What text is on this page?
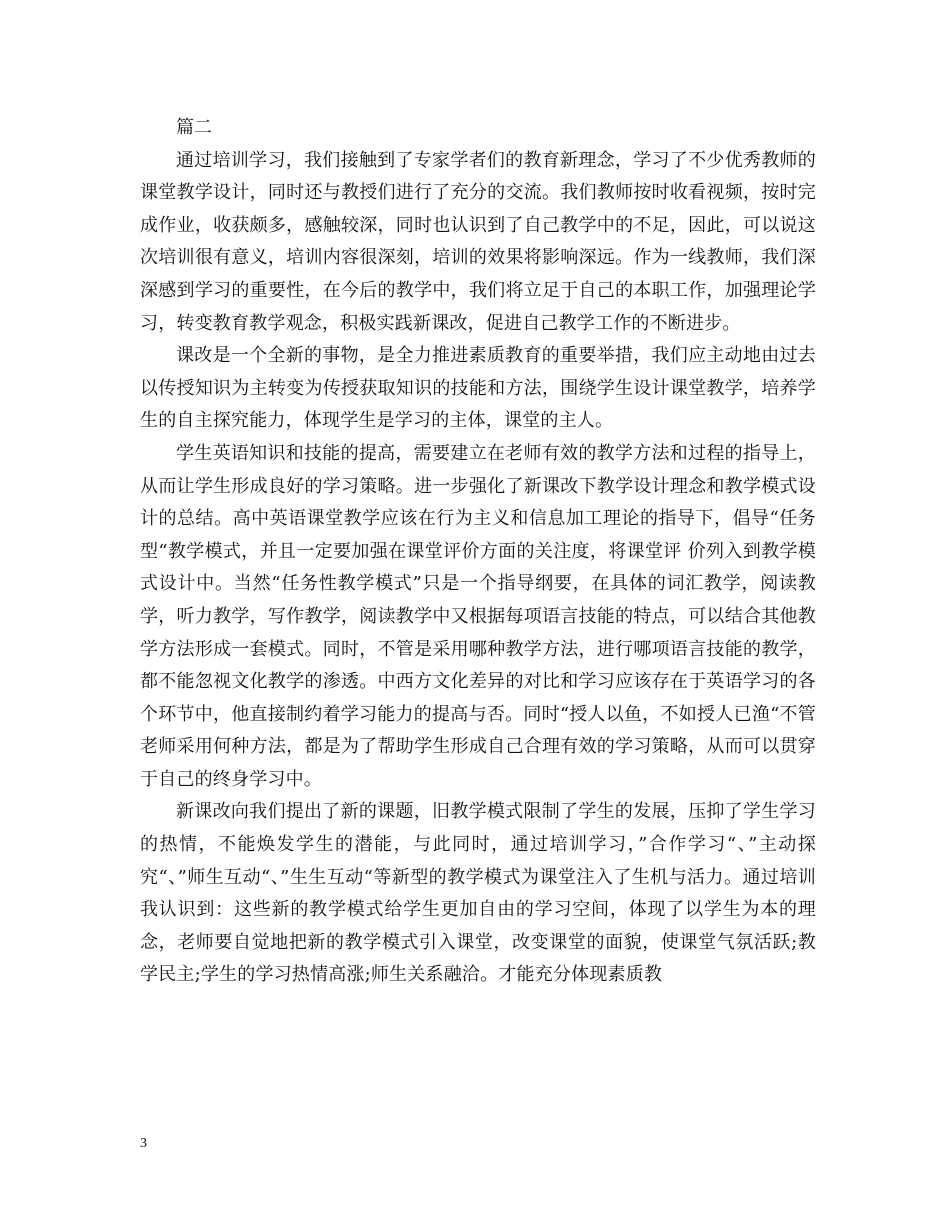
篇二

通过培训学习，我们接触到了专家学者们的教育新理念，学习了不少优秀教师的课堂教学设计，同时还与教授们进行了充分的交流。我们教师按时收看视频，按时完成作业，收获颇多，感触较深，同时也认识到了自己教学中的不足，因此，可以说这次培训很有意义，培训内容很深刻，培训的效果将影响深远。作为一线教师，我们深深感到学习的重要性，在今后的教学中，我们将立足于自己的本职工作，加强理论学习，转变教育教学观念，积极实践新课改，促进自己教学工作的不断进步。

课改是一个全新的事物，是全力推进素质教育的重要举措，我们应主动地由过去以传授知识为主转变为传授获取知识的技能和方法，围绕学生设计课堂教学，培养学生的自主探究能力，体现学生是学习的主体，课堂的主人。

学生英语知识和技能的提高，需要建立在老师有效的教学方法和过程的指导上，从而让学生形成良好的学习策略。进一步强化了新课改下教学设计理念和教学模式设计的总结。高中英语课堂教学应该在行为主义和信息加工理论的指导下，倡导“任务型“教学模式，并且一定要加强在课堂评价方面的关注度，将课堂评 价列入到教学模式设计中。当然“任务性教学模式”只是一个指导纲要，在具体的词汇教学，阅读教学，听力教学，写作教学，阅读教学中又根据每项语言技能的特点，可以结合其他教学方法形成一套模式。同时，不管是采用哪种教学方法，进行哪项语言技能的教学，都不能忽视文化教学的渗透。中西方文化差异的对比和学习应该存在于英语学习的各个环节中，他直接制约着学习能力的提高与否。同时“授人以鱼，不如授人已渔“不管老师采用何种方法，都是为了帮助学生形成自己合理有效的学习策略，从而可以贯穿于自己的终身学习中。

新课改向我们提出了新的课题，旧教学模式限制了学生的发展，压抑了学生学习的热情，不能焕发学生的潜能，与此同时，通过培训学习，”合作学习“、”主动探究“、”师生互动“、”生生互动“等新型的教学模式为课堂注入了生机与活力。通过培训我认识到：这些新的教学模式给学生更加自由的学习空间，体现了以学生为本的理念，老师要自觉地把新的教学模式引入课堂，改变课堂的面貌，使课堂气氛活跃;教学民主;学生的学习热情高涨;师生关系融洽。才能充分体现素质教

3
